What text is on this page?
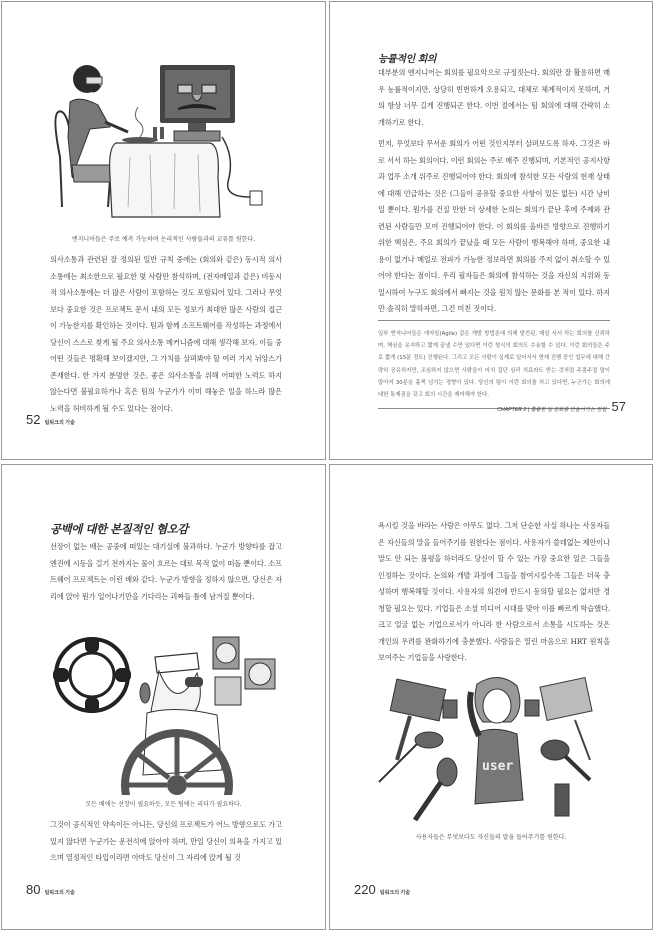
엔지니어들은 주로 예측 가능하며 논리적인 사람들과의 교류를 원한다.
의사소통과 관련된 잘 정의된 일반 규칙 중에는 (회의와 같은) 동시적 의사소통에는 최소한으로 필요한 몇 사람만 참석하며, (전자메일과 같은) 비동시적 의사소통에는 더 많은 사람이 포함하는 것도 포함되어 있다. 그러나 무엇보다 중요한 것은 프로젝트 문서 내의 모든 정보가 최대한 많은 사람의 접근이 가능한지를 확인하는 것이다. 팀과 함께 소프트웨어를 작성하는 과정에서 당신이 스스로 찾게 될 주요 의사소통 메커니즘에 대해 생각해 보자. 이들 중 어떤 것들은 명확해 보이겠지만, 그 가치를 살펴봐야 할 여러 가지 뉘앙스가 존재한다. 한 가지 분명한 것은, 좋은 의사소통을 위해 어떠한 노력도 하지 않는다면 불필요하거나 혹은 팀의 누군가가 이미 해놓은 일을 하느라 많은 노력을 허비하게 될 수도 있다는 점이다.
52 팀워크의 기술
능률적인 회의

대부분의 엔지니어는 회의를 필요악으로 규정짓는다. 회의란 잘 활용하면 매우 능률적이지만, 상당히 빈번하게 오용되고, 대체로 체계적이지 못하며, 거의 항상 너무 길게 진행되곤 한다. 이번 절에서는 팀 회의에 대해 간략히 소개하기로 한다.

먼저, 무엇보다 무서운 회의가 어떤 것인지부터 살펴보도록 하자. 그것은 바로 서서 하는 회의이다. 이런 회의는 주로 매주 진행되며, 기본적인 공지사항과 업무 소개 위주로 진행되어야 한다. 회의에 참석한 모든 사람의 현재 상태에 대해 언급하는 것은 (그들이 공유할 중요한 사항이 있든 없든) 시간 낭비일 뿐이다. 뭔가를 건질 만한 더 상세한 논의는 회의가 끝난 후에 주제와 관련된 사람들만 모여 진행되어야 한다. 이 회의를 올바른 방향으로 진행하기 위한 핵심은, 주요 회의가 끝났을 때 모든 사람이 행복해야 하며, 중요한 내용이 없거나 메일로 전파가 가능한 정보라면 회의를 주저 없이 취소할 수 있어야 한다는 점이다. 우리 필자들은 회의에 참석하는 것을 자신의 지위와 동일시하여 누구도 회의에서 빠지는 것을 원치 않는 문화를 본 적이 있다. 하지만 솔직히 말하자면, 그건 미친 짓이다.

일부 엔지니어들은 애자일(Agile) 같은 개발 방법론에 의해 발전된, 매일 서서 하는 회의를 신뢰하며, 핵심을 유지하고 짧게 끝낼 수만 있다면 이런 형식의 회의도 수용할 수 있다. 이런 회의들은 주로 짧게 (15분 정도) 진행된다. 그리고 모든 사람이 실제로 일어서서 현재 진행 중인 업무에 대해 간략히 공유하지만, 조심하지 않으면 사람들이 마치 집단 심리 치료라도 받는 것처럼 주절주절 말이 많아져 30분을 훌쩍 넘기는 경향이 있다. 당신의 팀이 이런 회의를 하고 있다면, 누군가는 회의에 대한 통제권을 갖고 회의 시간을 제어해야 한다.
CHAPTER 2 | 훌륭한 팀 문화를 만들어가는 방법 57
공백에 대한 본질적인 혐오감
선장이 없는 배는 공중에 떠있는 대기실에 불과하다. 누군가 방향타를 잡고 엔진에 시동을 걸기 전까지는 물이 흐르는 대로 목적 없이 떠돌 뿐이다. 소프트웨어 프로젝트는 이런 배와 같다. 누군가 방향을 정하지 않으면, 당신은 자리에 앉아 뭔가 일어나기만을 기다리는 괴짜들 틈에 남겨질 뿐이다.
모든 배에는 선장이 필요하듯, 모든 팀에는 리더가 필요하다.
그것이 공식적인 약속이든 아니든, 당신의 프로젝트가 어느 방향으로도 가고 있지 않다면 누군가는 운전석에 앉아야 하며, 만일 당신이 의욕을 가지고 있으며 열정적인 타입이라면 아마도 당신이 그 자리에 앉게 될 것
80 팀워크의 기술
욕시킬 것을 바라는 사람은 아무도 없다. 그저 단순한 사실 하나는 사용자들은 자신들의 말을 들어주기를 원한다는 점이다. 사용자가 쓸데없는 제안이나 말도 안 되는 불평을 하더라도 당신이 할 수 있는 가장 중요한 일은 그들을 인정하는 것이다. 논의와 개발 과정에 그들을 참여시킬수록 그들은 더욱 충성하며 행복해할 것이다. 사용자의 의견에 반드시 동의할 필요는 없지만 경청할 필요는 있다. 기업들은 소셜 미디어 시대를 맞아 이를 빠르게 학습했다. 크고 얼굴 없는 기업으로서가 아니라 한 사람으로서 소통을 시도하는 것은 개인의 우려를 완화하기에 충분했다. 사람들은 열린 마음으로 HRT 원칙을 보여주는 기업들을 사랑한다.
user
사용자들은 무엇보다도 자신들의 말을 들어주기를 원한다.
220 팀워크의 기술
